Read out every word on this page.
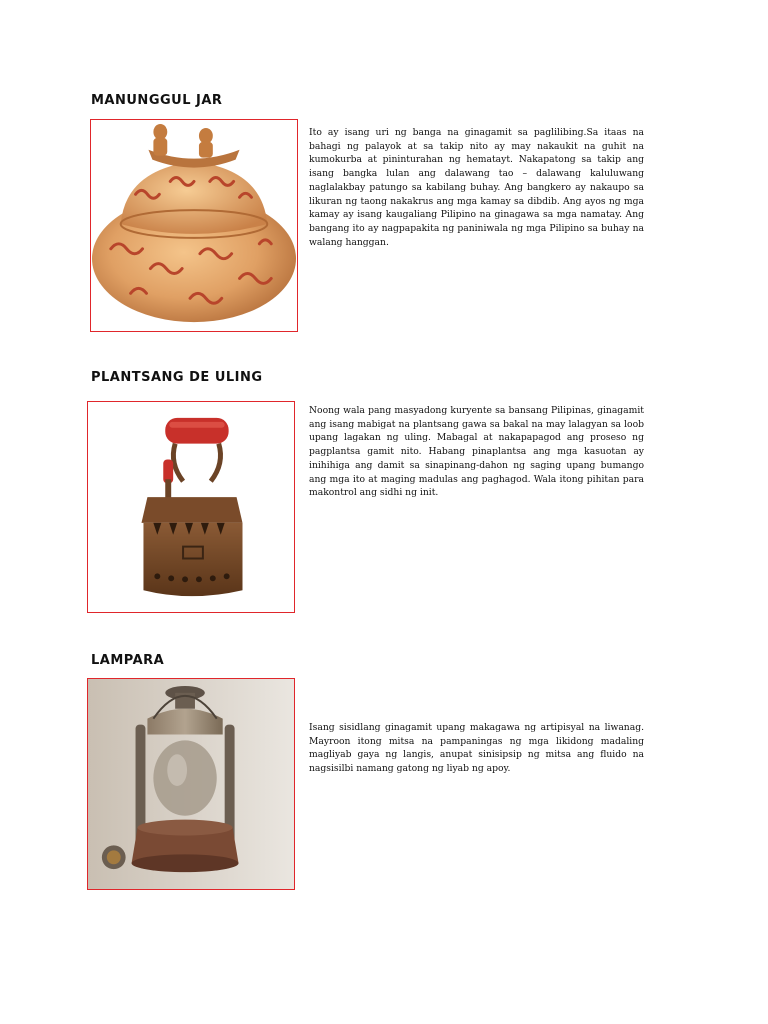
MANUNGGUL JAR

Ito ay isang uri ng banga na ginagamit sa paglilibing.Sa itaas na bahagi ng palayok at sa takip nito ay may nakaukit na guhit na kumokurba at pininturahan ng hematayt. Nakapatong sa takip ang isang bangka lulan ang dalawang tao – dalawang kaluluwang naglalakbay patungo sa kabilang buhay. Ang bangkero ay nakaupo sa likuran ng taong nakakrus ang mga kamay sa dibdib. Ang ayos ng mga kamay ay isang kaugaliang Pilipino na ginagawa sa mga namatay. Ang bangang ito ay nagpapakita ng paniniwala ng mga Pilipino sa buhay na walang hanggan.

PLANTSANG DE ULING

Noong wala pang masyadong kuryente sa bansang Pilipinas, ginagamit ang isang mabigat na plantsang gawa sa bakal na may lalagyan sa loob upang lagakan ng uling. Mabagal at nakapapagod ang proseso ng pagplantsa gamit nito. Habang pinaplantsa ang mga kasuotan ay inihihiga ang damit sa sinapinang-dahon ng saging upang bumango ang mga ito at maging madulas ang paghagod. Wala itong pihitan para makontrol ang sidhi ng init.

LAMPARA

Isang sisidlang ginagamit upang makagawa ng artipisyal na liwanag. Mayroon itong mitsa na pampaningas ng mga likidong madaling magliyab gaya ng langis, anupat sinisipsip ng mitsa ang fluido na nagsisilbi namang gatong ng liyab ng apoy.
